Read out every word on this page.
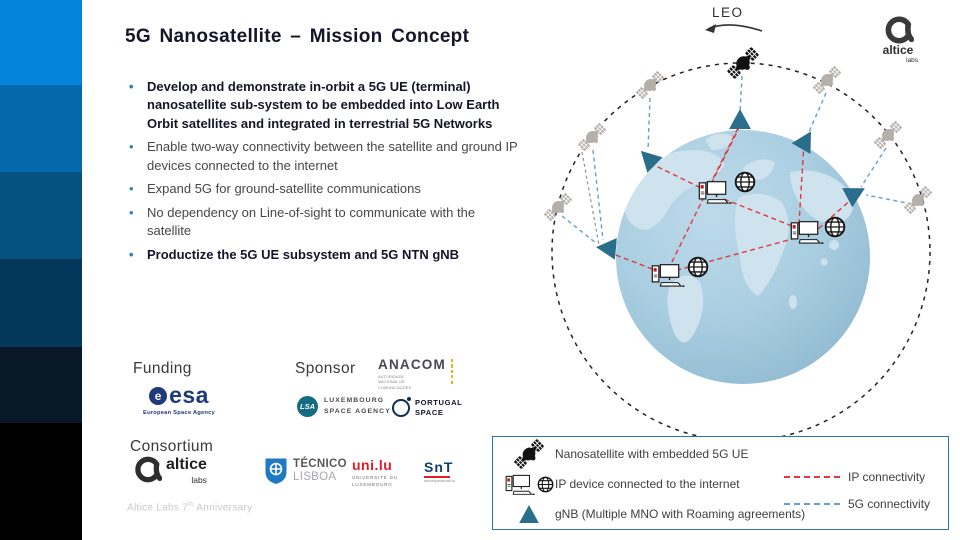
5G Nanosatellite – Mission Concept
• Develop and demonstrate in-orbit a 5G UE (terminal) nanosatellite sub-system to be embedded into Low Earth Orbit satellites and integrated in terrestrial 5G Networks
• Enable two-way connectivity between the satellite and ground IP devices connected to the internet
• Expand 5G for ground-satellite communications
• No dependency on Line-of-sight to communicate with the satellite
• Productize the 5G UE subsystem and 5G NTN gNB
Funding
e esa
European Space Agency
Sponsor ANACOM
AUTORIDADE NACIONAL DE COMUNICAÇÕES
LSA
LUXEMBOURG
SPACE AGENCY
PORTUGAL
SPACE
Consortium
altice
labs
TÉCNICO
LISBOA
uni.lu
UNIVERSITÉ DU
LUXEMBOURG
SnT
securityandtrust.lu
Altice Labs 7th Anniversary
LEO
altice
labs
Nanosatellite with embedded 5G UE
IP device connected to the internet
gNB (Multiple MNO with Roaming agreements)
IP connectivity
5G connectivity
